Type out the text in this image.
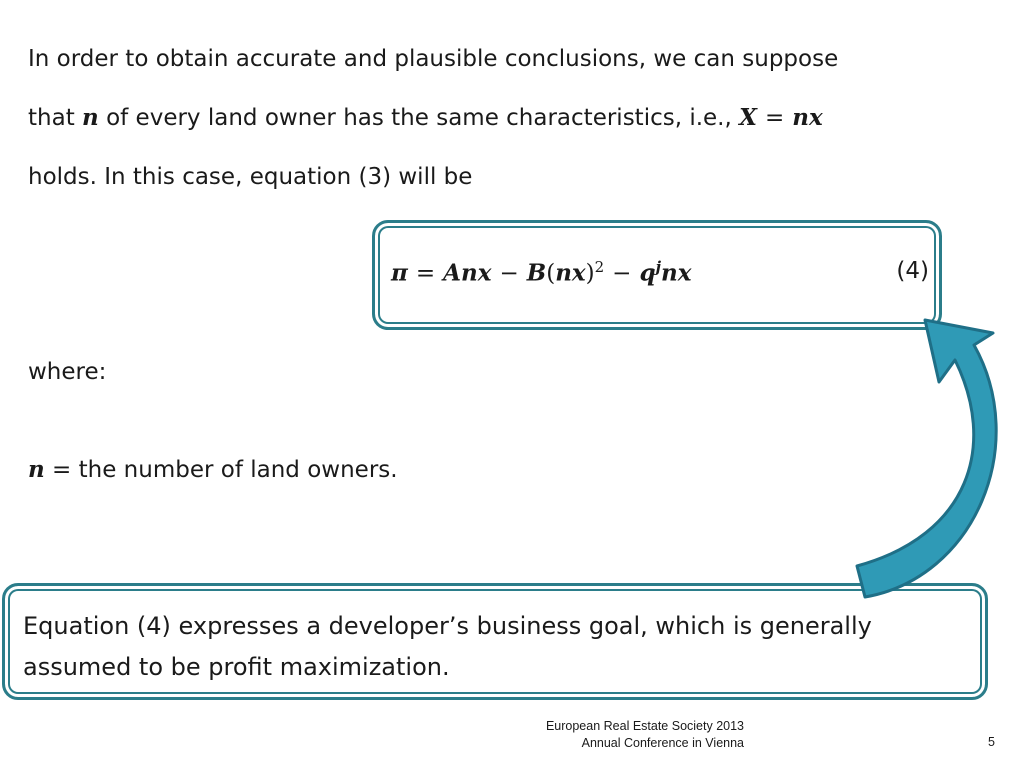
In order to obtain accurate and plausible conclusions, we can suppose
that n of every land owner has the same characteristics, i.e., X = nx
holds. In this case, equation (3) will be
π = Anx − $B(nx)^2 - q^jnx$	(4)
where:
n = the number of land owners.
Equation (4) expresses a developer’s business goal, which is generally
assumed to be profit maximization.
European Real Estate Society 2013
Annual Conference in Vienna	5
